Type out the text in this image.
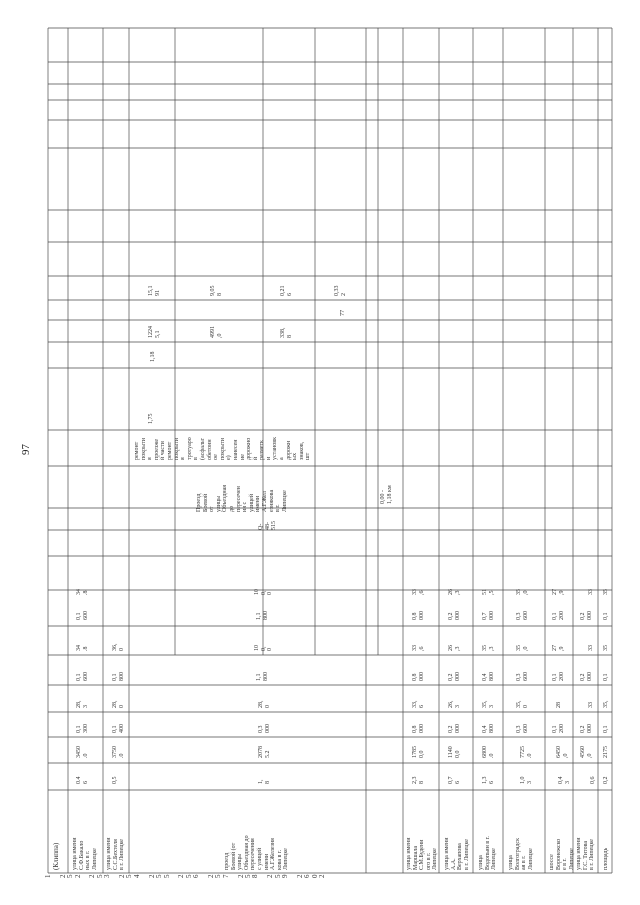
97
1

2
5
2

2
5
3

2
5
4

2
5
5

2
5
6

2
5
7

2
5
8

2
5
9

2
6
0
2
(Клиппа) улица имени
С.Ф.Бакало
ных в г.
Липецке
0.4
6
3450
.0
0,1
300
28,
3
0,1
600
34
.8
0,1
600
34
.8
улица имени
С.С.Бехтеля
в г. Липецке
0,5
3750
.0
0,1
400
28,
0
0,1
800
36,
0
проезд
Боевой (от
улицы
Объездная до
пересечения
с улицей
имени
А.Г.Железня
кова в г.
Липецке
1,
8
2078
5.2
0,3
000
28,
0
1,1
800
10
0,
0
1,1
800
10
0,
0
Q-
48-
515
Проезд
Боевой
от
улицы
Объездная
до
пересечен
ия с
улицей
имени
А.Г.Жел
езнякова
в г.
Липецке
ремонт
покрыти
я
проезже
й части
ремонт
покрыти
я
тротуаро
в
(асфальт
обетонн
ое
покрыти
е)
нанесен
ие
дорожно
й
разметк
и
установк
а
дорожн
ых
знаков,
шт
1,75
1,18
1224
5,1
15,1
91
4991
,0
9,05
8
338,
8
0,21
6
77
0,33
2
0,00 -
1,18 км
улица имени
Маршала
С.М.Будени
ого в г.
Липецке
2,3
8
1785
0,0
0,8
000
33,
6
0,8
000
33
,6
0,8
000
33
,6
улица имени
А.А.
Верхапова
в г. Липецке
0,7
6
1140
0,0
0,2
000
26,
3
0,2
000
26
,3
0,2
000
26
,3
улица
Водопьян в г.
Липецке
1,3
6
6800
.0
0,4
800
35,
3
0,4
800
35
,3
0,7
000
51
,5
улица
Волгоградск
ая в г.
Липецке
1,0
3
7725
.0
0,3
600
35,
0
0,3
600
35
,0
0,3
600
35
,0
шоссе
Воронежско
е в г.
Липецке
0,4
3
6450
,0
0,1
200
28
0,1
200
27
,9
0,1
200
27
,9
улица имени
Г.С. Титова
в г. Липецке
0,6
4560
,0
0,2
000
33
0,2
000
33
0,2
000
33
площадь
0,2
2175
0,1
35,
0,1
35
0,1
35
